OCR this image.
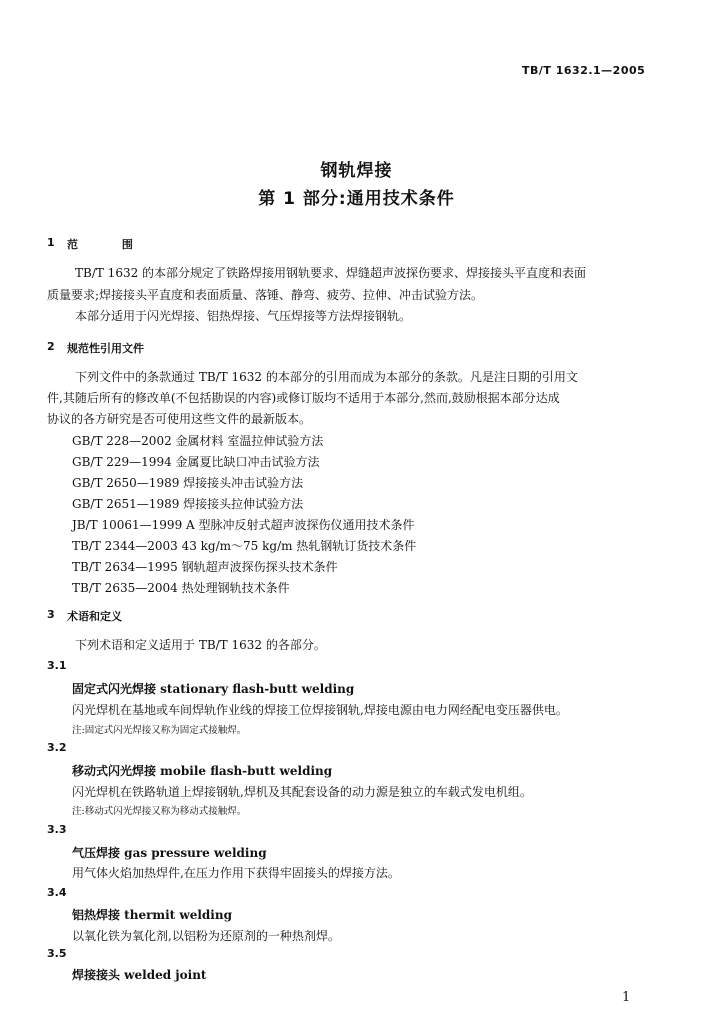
TB/T 1632.1—2005
钢轨焊接
第 1 部分:通用技术条件
1 范 围
TB/T 1632 的本部分规定了铁路焊接用钢轨要求、焊缝超声波探伤要求、焊接接头平直度和表面
质量要求;焊接接头平直度和表面质量、落锤、静弯、疲劳、拉伸、冲击试验方法。
本部分适用于闪光焊接、铝热焊接、气压焊接等方法焊接钢轨。
2 规范性引用文件
下列文件中的条款通过 TB/T 1632 的本部分的引用而成为本部分的条款。凡是注日期的引用文
件,其随后所有的修改单(不包括勘误的内容)或修订版均不适用于本部分,然而,鼓励根据本部分达成
协议的各方研究是否可使用这些文件的最新版本。
GB/T 228—2002 金属材料 室温拉伸试验方法
GB/T 229—1994 金属夏比缺口冲击试验方法
GB/T 2650—1989 焊接接头冲击试验方法
GB/T 2651—1989 焊接接头拉伸试验方法
JB/T 10061—1999 A 型脉冲反射式超声波探伤仪通用技术条件
TB/T 2344—2003 43 kg/m～75 kg/m 热轧钢轨订货技术条件
TB/T 2634—1995 钢轨超声波探伤探头技术条件
TB/T 2635—2004 热处理钢轨技术条件
3 术语和定义
下列术语和定义适用于 TB/T 1632 的各部分。
3.1
固定式闪光焊接 stationary flash-butt welding
闪光焊机在基地或车间焊轨作业线的焊接工位焊接钢轨,焊接电源由电力网经配电变压器供电。
注:固定式闪光焊接又称为固定式接触焊。
3.2
移动式闪光焊接 mobile flash-butt welding
闪光焊机在铁路轨道上焊接钢轨,焊机及其配套设备的动力源是独立的车载式发电机组。
注:移动式闪光焊接又称为移动式接触焊。
3.3
气压焊接 gas pressure welding
用气体火焰加热焊件,在压力作用下获得牢固接头的焊接方法。
3.4
铝热焊接 thermit welding
以氧化铁为氧化剂,以铝粉为还原剂的一种热剂焊。
3.5
焊接接头 welded joint
1
